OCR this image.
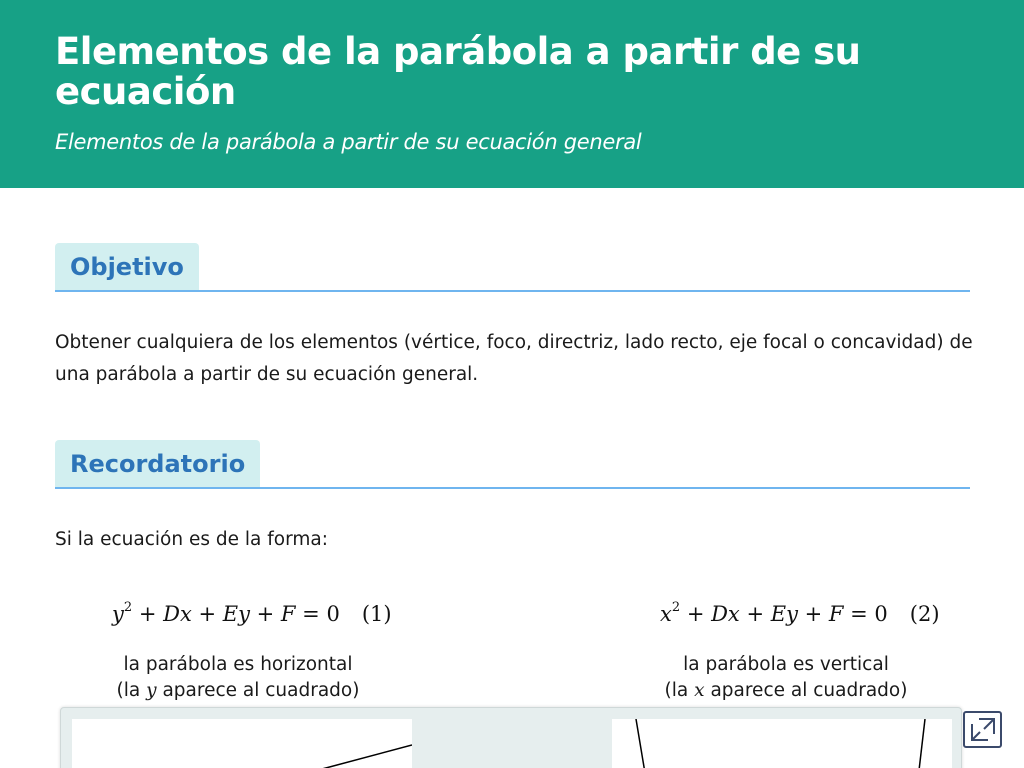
Elementos de la parábola a partir de su ecuación
Elementos de la parábola a partir de su ecuación general
Objetivo

Obtener cualquiera de los elementos (vértice, foco, directriz, lado recto, eje focal o concavidad) de una parábola a partir de su ecuación general.

Recordatorio

Si la ecuación es de la forma:

$y^2 + Dx + Ey + F = 0$ (1)	$x^2 + Dx + Ey + F = 0$ (2)
la parábola es horizontal
(la y aparece al cuadrado)
la parábola es vertical
(la x aparece al cuadrado)
